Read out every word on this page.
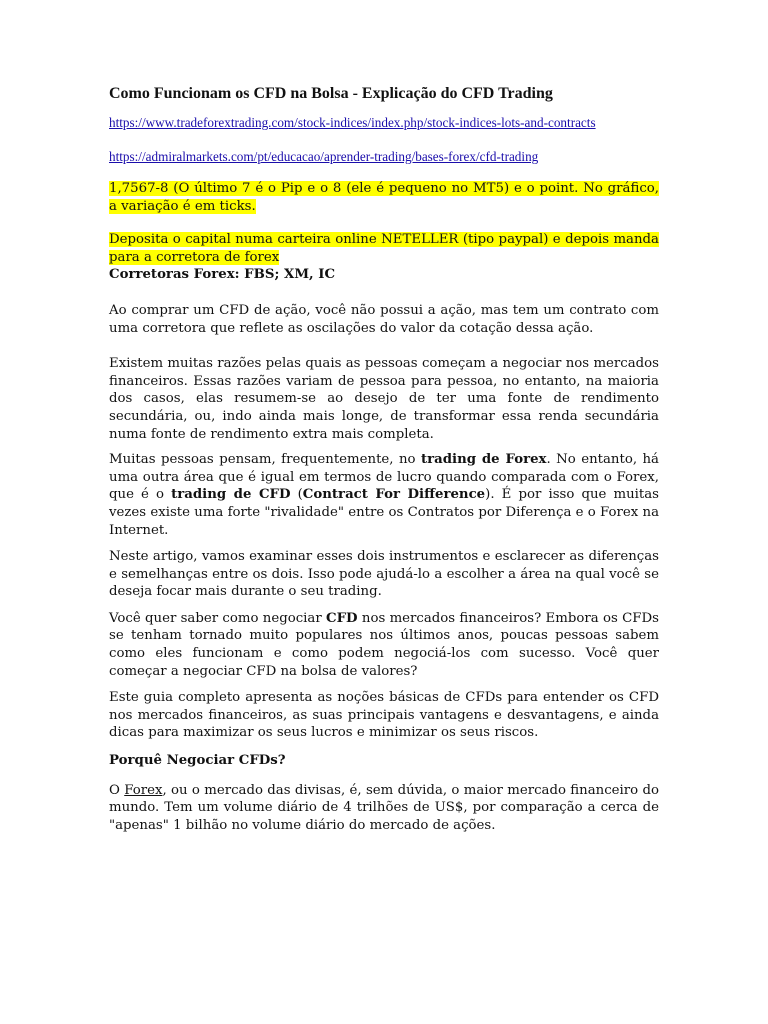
Como Funcionam os CFD na Bolsa - Explicação do CFD Trading
https://www.tradeforextrading.com/stock-indices/index.php/stock-indices-lots-and-contracts
https://admiralmarkets.com/pt/educacao/aprender-trading/bases-forex/cfd-trading

1,7567-8 (O último 7 é o Pip e o 8 (ele é pequeno no MT5) e o point. No gráfico, a variação é em ticks.

Deposita o capital numa carteira online NETELLER (tipo paypal) e depois manda para a corretora de forex

Corretoras Forex: FBS; XM, IC

Ao comprar um CFD de ação, você não possui a ação, mas tem um contrato com uma corretora que reflete as oscilações do valor da cotação dessa ação.

Existem muitas razões pelas quais as pessoas começam a negociar nos mercados financeiros. Essas razões variam de pessoa para pessoa, no entanto, na maioria dos casos, elas resumem-se ao desejo de ter uma fonte de rendimento secundária, ou, indo ainda mais longe, de transformar essa renda secundária numa fonte de rendimento extra mais completa.

Muitas pessoas pensam, frequentemente, no trading de Forex. No entanto, há uma outra área que é igual em termos de lucro quando comparada com o Forex, que é o trading de CFD (Contract For Difference). É por isso que muitas vezes existe uma forte "rivalidade" entre os Contratos por Diferença e o Forex na Internet.

Neste artigo, vamos examinar esses dois instrumentos e esclarecer as diferenças e semelhanças entre os dois. Isso pode ajudá-lo a escolher a área na qual você se deseja focar mais durante o seu trading.

Você quer saber como negociar CFD nos mercados financeiros? Embora os CFDs se tenham tornado muito populares nos últimos anos, poucas pessoas sabem como eles funcionam e como podem negociá-los com sucesso. Você quer começar a negociar CFD na bolsa de valores?

Este guia completo apresenta as noções básicas de CFDs para entender os CFD nos mercados financeiros, as suas principais vantagens e desvantagens, e ainda dicas para maximizar os seus lucros e minimizar os seus riscos.

Porquê Negociar CFDs?

O Forex, ou o mercado das divisas, é, sem dúvida, o maior mercado financeiro do mundo. Tem um volume diário de 4 trilhões de US$, por comparação a cerca de "apenas" 1 bilhão no volume diário do mercado de ações.
